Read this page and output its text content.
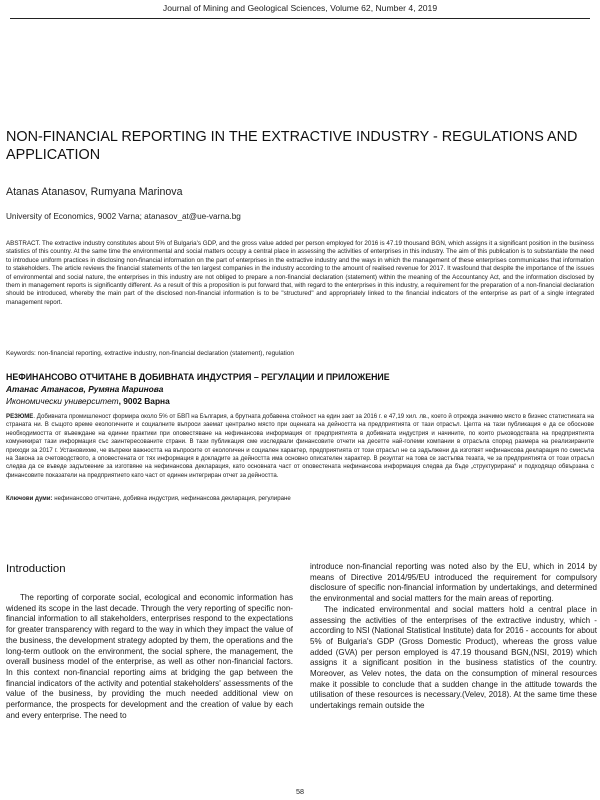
Journal of Mining and Geological Sciences, Volume 62, Number 4, 2019
NON-FINANCIAL REPORTING IN THE EXTRACTIVE INDUSTRY - REGULATIONS AND APPLICATION
Atanas Atanasov, Rumyana Marinova
University of Economics, 9002 Varna; atanasov_at@ue-varna.bg
ABSTRACT. The extractive industry constitutes about 5% of Bulgaria's GDP, and the gross value added per person employed for 2016 is 47.19 thousand BGN, which assigns it a significant position in the business statistics of this country. At the same time the environmental and social matters occupy a central place in assessing the activities of enterprises in this industry. The aim of this publication is to substantiate the need to introduce uniform practices in disclosing non-financial information on the part of enterprises in the extractive industry and the ways in which the management of these enterprises communicates that information to stakeholders. The article reviews the financial statements of the ten largest companies in the industry according to the amount of realised revenue for 2017. It wasfound that despite the importance of the issues of environmental and social nature, the enterprises in this industry are not obliged to prepare a non-financial declaration (statement) within the meaning of the Accountancy Act, and the information disclosed by them in management reports is significantly different. As a result of this a proposition is put forward that, with regard to the enterprises in this industry, a requirement for the preparation of a non-financial declaration should be introduced, whereby the main part of the disclosed non-financial information is to be "structured" and appropriately linked to the financial indicators of the enterprise as part of a single integrated management report.
Keywords: non-financial reporting, extractive industry, non-financial declaration (statement), regulation
НЕФИНАНСОВО ОТЧИТАНЕ В ДОБИВНАТА ИНДУСТРИЯ – РЕГУЛАЦИИ И ПРИЛОЖЕНИЕ
Атанас Атанасов, Румяна Маринова
Икономически университет, 9002 Варна
РЕЗЮМЕ. Добивната промишленост формира около 5% от БВП на България, а брутната добавена стойност на един зает за 2016 г. е 47,19 хил. лв., което й отрежда значимо място в бизнес статистиката на страната ни. В същото време екологичните и социалните въпроси заемат централно място при оценката на дейността на предприятията от тази отрасъл. Целта на тази публикация е да се обоснове необходимостта от въвеждане на единни практики при оповестяване на нефинансова информация от предприятията в добивната индустрия и начините, по които ръководствата на предприятията комуникират тази информация със заинтересованите страни. В тази публикация сме изследвали финансовите отчети на десетте най-големи компании в отрасъла според размера на реализираните приходи за 2017 г. Установихме, че въпреки важността на въпросите от екологичен и социален характер, предприятията от този отрасъл не са задължени да изготвят нефинансова декларация по смисъла на Закона за счетоводството, а оповестената от тях информация в докладите за дейността има основно описателен характер. В резултат на това се застъпва тезата, че за предприятията от този отрасъл следва да се въведе задължение за изготвяне на нефинансова декларация, като основната част от оповестената нефинансова информация следва да бъде „структурирана“ и подходящо обвързана с финансовите показатели на предприятието като част от единен интегриран отчет за дейността.
Ключови думи: нефинансово отчитане, добивна индустрия, нефинансова декларация, регулиране
Introduction

The reporting of corporate social, ecological and economic information has widened its scope in the last decade. Through the very reporting of specific non-financial information to all stakeholders, enterprises respond to the expectations for greater transparency with regard to the way in which they impact the value of the business, the development strategy adopted by them, the operations and the long-term outlook on the environment, the social sphere, the management, the overall business model of the enterprise, as well as other non-financial factors. In this context non-financial reporting aims at bridging the gap between the financial indicators of the activity and potential stakeholders' assessments of the value of the business, by providing the much needed additional view on performance, the prospects for development and the creation of value by each and every enterprise. The need to

introduce non-financial reporting was noted also by the EU, which in 2014 by means of Directive 2014/95/EU introduced the requirement for compulsory disclosure of specific non-financial information by undertakings, and determined the environmental and social matters for the main areas of reporting.

The indicated environmental and social matters hold a central place in assessing the activities of the enterprises of the extractive industry, which - according to NSI (National Statistical Institute) data for 2016 - accounts for about 5% of Bulgaria's GDP (Gross Domestic Product), whereas the gross value added (GVA) per person employed is 47.19 thousand BGN,(NSI, 2019) which assigns it a significant position in the business statistics of the country. Moreover, as Velev notes, the data on the consumption of mineral resources make it possible to conclude that a sudden change in the attitude towards the utilisation of these resources is necessary.(Velev, 2018). At the same time these undertakings remain outside the

58
